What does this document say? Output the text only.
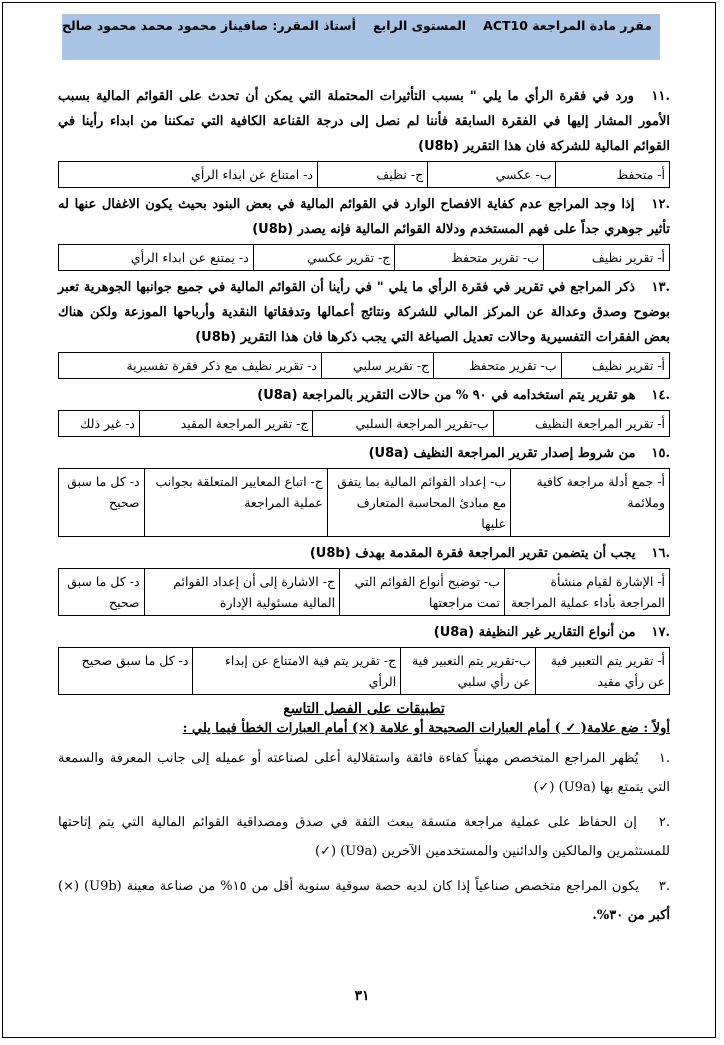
مقرر مادة المراجعة ACT10
المستوى الرابع
أستاذ المقرر: صافيناز محمود محمد محمود صالح
.١١ ورد في فقرة الرأي ما يلي " بسبب التأثيرات المحتملة التي يمكن أن تحدث على القوائم المالية بسبب الأمور المشار إليها في الفقرة السابقة فأننا لم نصل إلى درجة القناعة الكافية التي تمكننا من ابداء رأينا في القوائم المالية للشركة فان هذا التقرير (U8b)
أ- متحفظ	ب- عكسي	ج- نظيف	د- امتناع عن ابداء الرأي
.١٢ إذا وجد المراجع عدم كفاية الافصاح الوارد في القوائم المالية في بعض البنود بحيث يكون الاغفال عنها له تأثير جوهري جداً على فهم المستخدم ودلالة القوائم المالية فإنه يصدر (U8b)
أ- تقرير نظيف	ب- تقرير متحفظ	ج- تقرير عكسي	د- يمتنع عن ابداء الرأي
.١٣ ذكر المراجع في تقرير في فقرة الرأي ما يلي " في رأينا أن القوائم المالية في جميع جوانبها الجوهرية تعبر بوضوح وصدق وعدالة عن المركز المالي للشركة ونتائج أعمالها وتدفقاتها النقدية وأرباحها الموزعة ولكن هناك بعض الفقرات التفسيرية وحالات تعديل الصياغة التي يجب ذكرها فان هذا التقرير (U8b)
أ- تقرير نظيف	ب- تقرير متحفظ	ج- تقرير سلبي	د- تقرير نظيف مع ذكر فقرة تفسيرية
.١٤ هو تقرير يتم استخدامه في ٩٠ % من حالات التقرير بالمراجعة (U8a)
أ- تقرير المراجعة النظيف	ب-تقرير المراجعة السلبي	ج- تقرير المراجعة المقيد	د- غير ذلك
.١٥ من شروط إصدار تقرير المراجعة النظيف (U8a)
أ- جمع أدلة مراجعة كافية وملائمة	ب- إعداد القوائم المالية بما يتفق مع مبادئ المحاسبة المتعارف عليها	ج- اتباع المعايير المتعلقة بجوانب عملية المراجعة	د- كل ما سبق صحيح
.١٦ يجب أن يتضمن تقرير المراجعة فقرة المقدمة بهدف (U8b)
أ- الإشارة لقيام منشأة المراجعة بأداء عملية المراجعة	ب- توضيح أنواع القوائم التي تمت مراجعتها	ج- الاشارة إلى أن إعداد القوائم المالية مسئولية الإدارة	د- كل ما سبق صحيح
.١٧ من أنواع التقارير غير النظيفة (U8a)
أ- تقرير يتم التعبير فية عن رأي مقيد	ب-تقرير يتم التعبير فية عن رأي سلبي	ج- تقرير يتم فية الامتناع عن إبداء الرأي	د- كل ما سبق صحيح
تطبيقات على الفصل التاسع
أولاً : ضع علامة( ✓ ) أمام العبارات الصحيحة أو علامة (×) أمام العبارات الخطأ فيما يلي :
.١ يُظهر المراجع المتخصص مهنياً كفاءة فائقة واستقلالية أعلى لصناعته أو عميله إلى جانب المعرفة والسمعة التي يتمتع بها (U9a) (✓)
.٢ إن الحفاظ على عملية مراجعة متسقة يبعث الثقة في صدق ومصداقية القوائم المالية التي يتم إتاحتها للمستثمرين والمالكين والدائنين والمستخدمين الآخرين (U9a) (✓)
.٣ يكون المراجع متخصص صناعياً إذا كان لديه حصة سوقية سنوية أقل من ١٥% من صناعة معينة (U9b) (×) أكبر من ٣٠%.
٣١
